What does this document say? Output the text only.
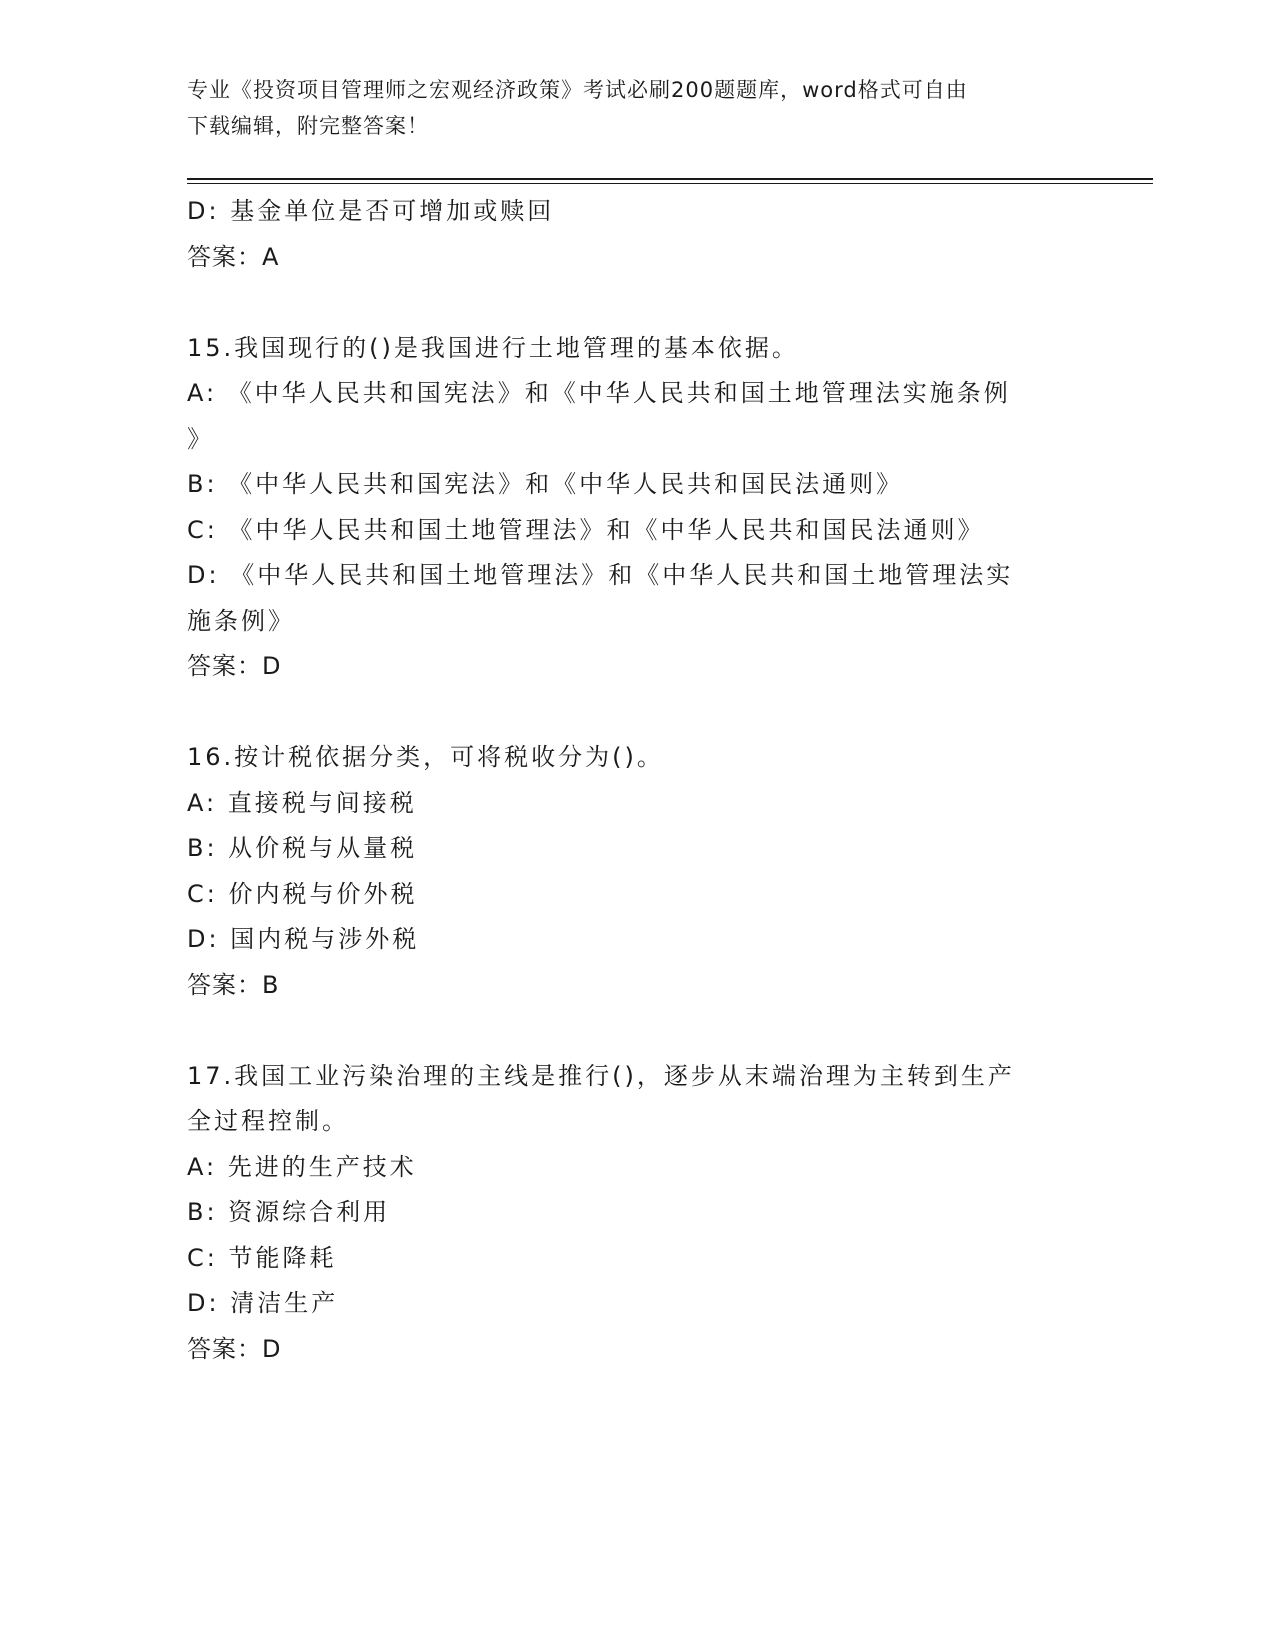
专业《投资项目管理师之宏观经济政策》考试必刷200题题库，word格式可自由
下载编辑，附完整答案！
D: 基金单位是否可增加或赎回
答案：A
15.我国现行的()是我国进行土地管理的基本依据。
A: 《中华人民共和国宪法》和《中华人民共和国土地管理法实施条例
》
B: 《中华人民共和国宪法》和《中华人民共和国民法通则》
C: 《中华人民共和国土地管理法》和《中华人民共和国民法通则》
D: 《中华人民共和国土地管理法》和《中华人民共和国土地管理法实
施条例》
答案：D
16.按计税依据分类，可将税收分为()。
A: 直接税与间接税
B: 从价税与从量税
C: 价内税与价外税
D: 国内税与涉外税
答案：B
17.我国工业污染治理的主线是推行()，逐步从末端治理为主转到生产
全过程控制。
A: 先进的生产技术
B: 资源综合利用
C: 节能降耗
D: 清洁生产
答案：D
